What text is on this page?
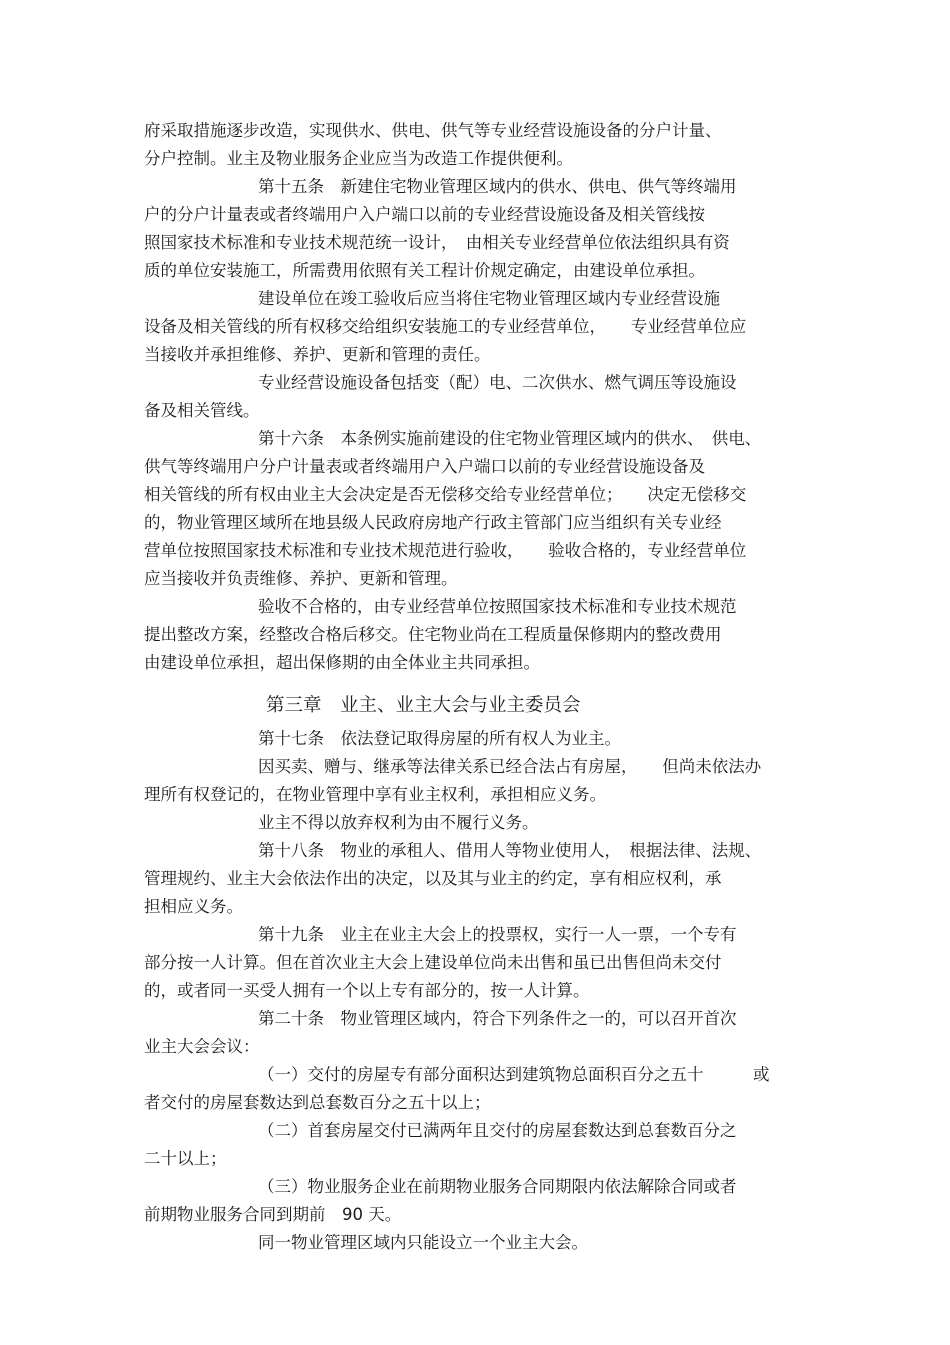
府采取措施逐步改造，实现供水、供电、供气等专业经营设施设备的分户计量、
分户控制。业主及物业服务企业应当为改造工作提供便利。
第十五条　新建住宅物业管理区域内的供水、供电、供气等终端用
户的分户计量表或者终端用户入户端口以前的专业经营设施设备及相关管线按
照国家技术标准和专业技术规范统一设计，　由相关专业经营单位依法组织具有资
质的单位安装施工，所需费用依照有关工程计价规定确定，由建设单位承担。
建设单位在竣工验收后应当将住宅物业管理区域内专业经营设施
设备及相关管线的所有权移交给组织安装施工的专业经营单位，　　专业经营单位应
当接收并承担维修、养护、更新和管理的责任。
专业经营设施设备包括变（配）电、二次供水、燃气调压等设施设
备及相关管线。
第十六条　本条例实施前建设的住宅物业管理区域内的供水、　供电、
供气等终端用户分户计量表或者终端用户入户端口以前的专业经营设施设备及
相关管线的所有权由业主大会决定是否无偿移交给专业经营单位；　　决定无偿移交
的，物业管理区域所在地县级人民政府房地产行政主管部门应当组织有关专业经
营单位按照国家技术标准和专业技术规范进行验收，　　验收合格的，专业经营单位
应当接收并负责维修、养护、更新和管理。
验收不合格的，由专业经营单位按照国家技术标准和专业技术规范
提出整改方案，经整改合格后移交。住宅物业尚在工程质量保修期内的整改费用
由建设单位承担，超出保修期的由全体业主共同承担。
第三章　业主、业主大会与业主委员会
第十七条　依法登记取得房屋的所有权人为业主。
因买卖、赠与、继承等法律关系已经合法占有房屋，　　但尚未依法办
理所有权登记的，在物业管理中享有业主权利，承担相应义务。
业主不得以放弃权利为由不履行义务。
第十八条　物业的承租人、借用人等物业使用人，　根据法律、法规、
管理规约、业主大会依法作出的决定，以及其与业主的约定，享有相应权利，承
担相应义务。
第十九条　业主在业主大会上的投票权，实行一人一票，一个专有
部分按一人计算。但在首次业主大会上建设单位尚未出售和虽已出售但尚未交付
的，或者同一买受人拥有一个以上专有部分的，按一人计算。
第二十条　物业管理区域内，符合下列条件之一的，可以召开首次
业主大会会议：
（一）交付的房屋专有部分面积达到建筑物总面积百分之五十　　　或
者交付的房屋套数达到总套数百分之五十以上；
（二）首套房屋交付已满两年且交付的房屋套数达到总套数百分之
二十以上；
（三）物业服务企业在前期物业服务合同期限内依法解除合同或者
前期物业服务合同到期前　90 天。
同一物业管理区域内只能设立一个业主大会。
